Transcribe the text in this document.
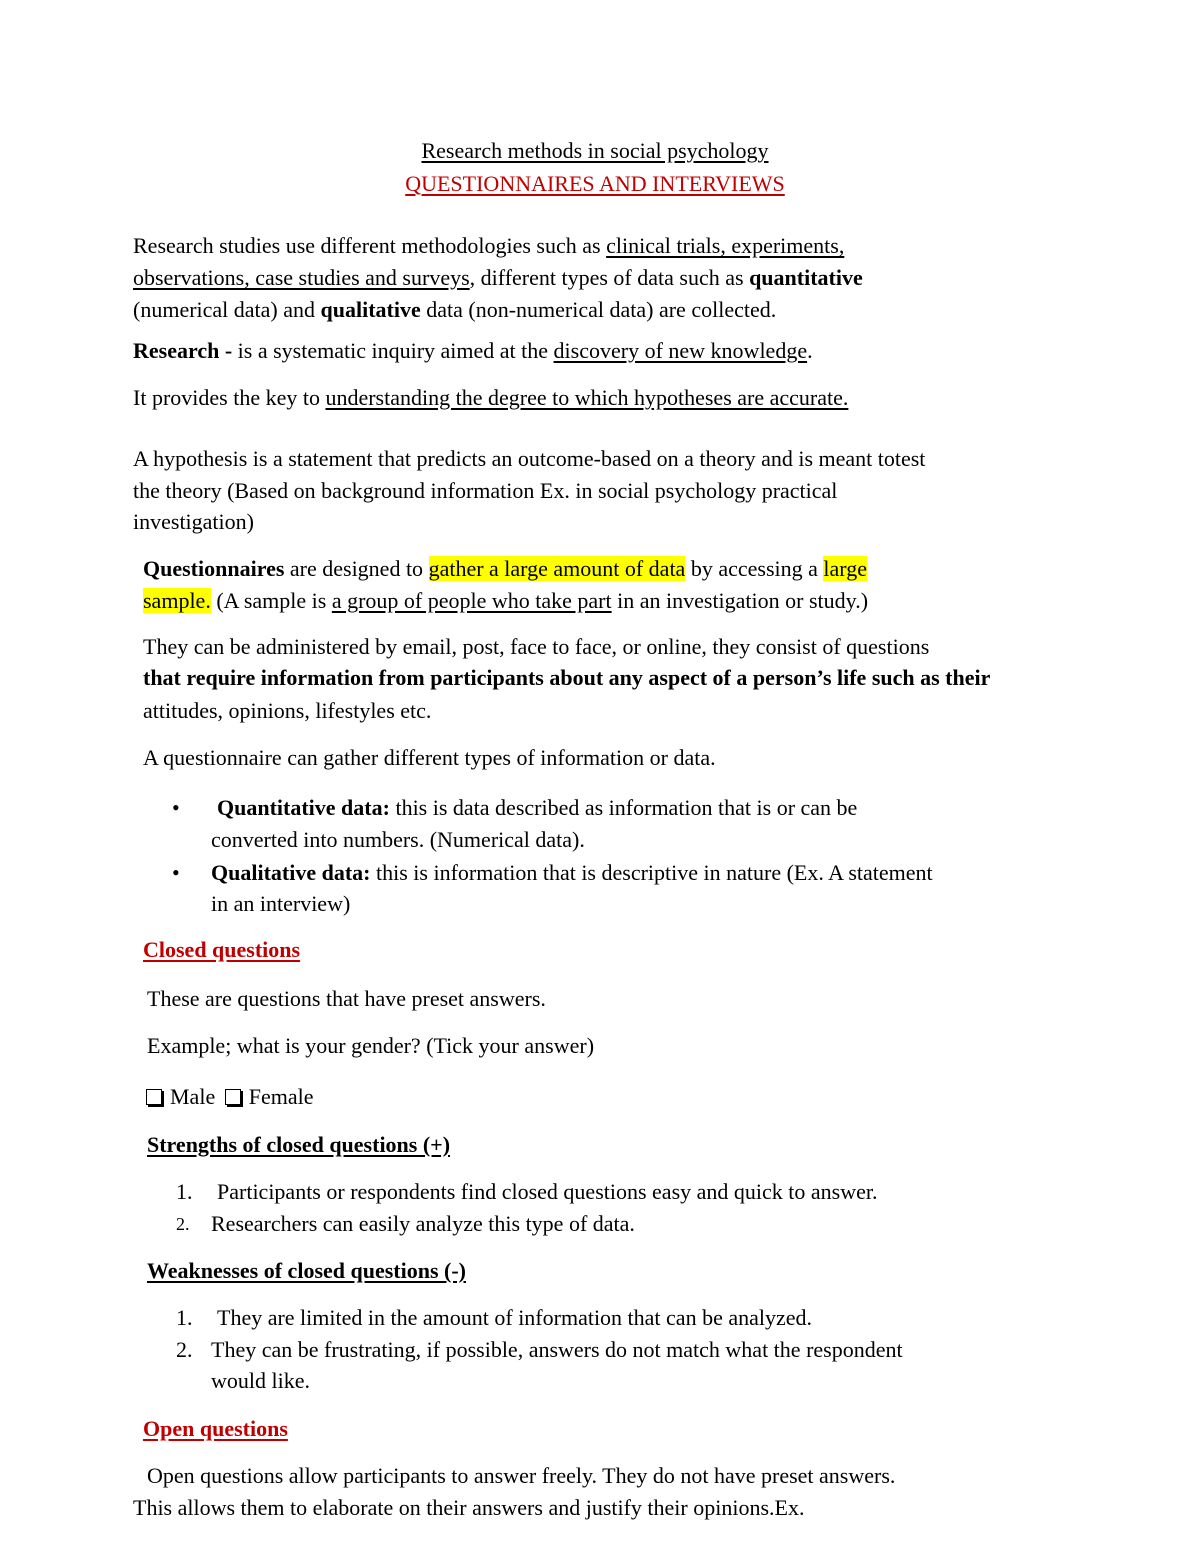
Research methods in social psychology
QUESTIONNAIRES AND INTERVIEWS
Research studies use different methodologies such as clinical trials, experiments,
observations, case studies and surveys, different types of data such as quantitative
(numerical data) and qualitative data (non-numerical data) are collected.
Research - is a systematic inquiry aimed at the discovery of new knowledge.
It provides the key to understanding the degree to which hypotheses are accurate.
A hypothesis is a statement that predicts an outcome-based on a theory and is meant totest
the theory (Based on background information Ex. in social psychology practical
investigation)
Questionnaires are designed to gather a large amount of data by accessing a large
sample. (A sample is a group of people who take part in an investigation or study.)
They can be administered by email, post, face to face, or online, they consist of questions
that require information from participants about any aspect of a person’s life such as their
attitudes, opinions, lifestyles etc.
A questionnaire can gather different types of information or data.
• Quantitative data: this is data described as information that is or can be
converted into numbers. (Numerical data).
• Qualitative data: this is information that is descriptive in nature (Ex. A statement
in an interview)
Closed questions
These are questions that have preset answers.
Example; what is your gender? (Tick your answer)
Male Female
Strengths of closed questions (+)
1. Participants or respondents find closed questions easy and quick to answer.
2. Researchers can easily analyze this type of data.
Weaknesses of closed questions (-)
1. They are limited in the amount of information that can be analyzed.
2. They can be frustrating, if possible, answers do not match what the respondent
would like.
Open questions
Open questions allow participants to answer freely. They do not have preset answers.
This allows them to elaborate on their answers and justify their opinions.Ex.
